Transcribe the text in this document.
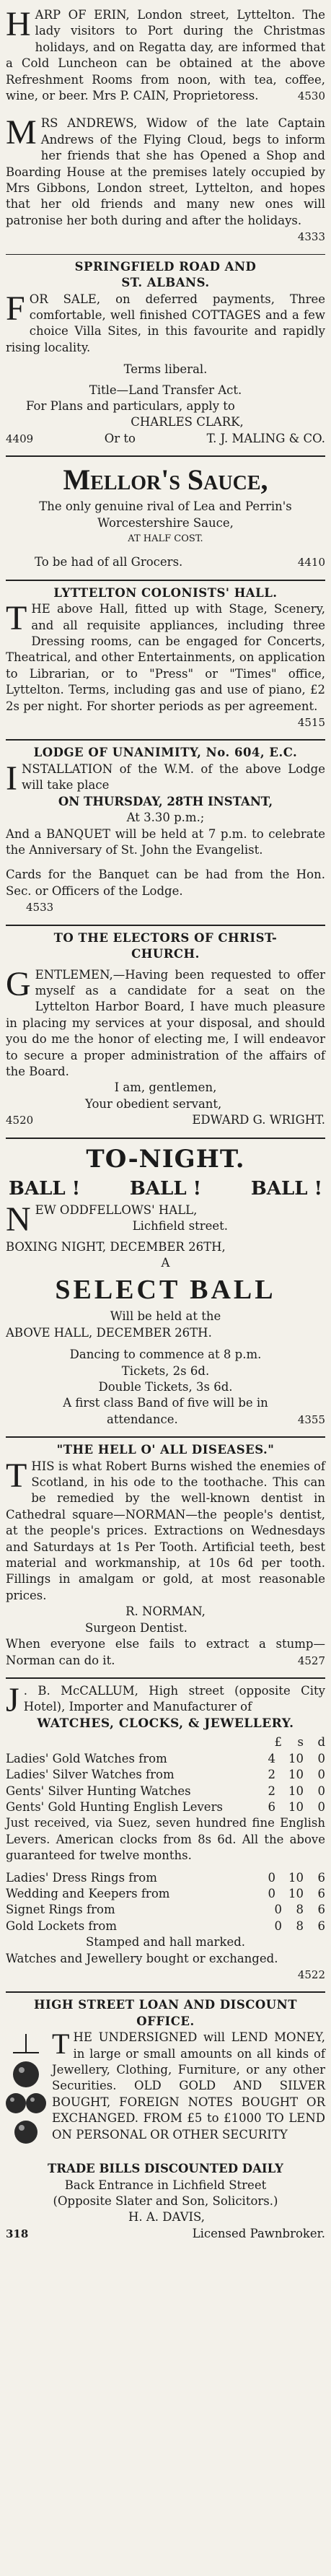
H ARP OF ERIN, London street, Lyttelton. The lady visitors to Port during the Christmas holidays, and on Regatta day, are informed that a Cold Luncheon can be obtained at the above Refreshment Rooms from noon, with tea, coffee, wine, or beer. Mrs P. CAIN, Proprietoress.	4530
M RS ANDREWS, Widow of the late Captain Andrews of the Flying Cloud, begs to inform her friends that she has Opened a Shop and Boarding House at the premises lately occupied by Mrs Gibbons, London street, Lyttelton, and hopes that her old friends and many new ones will patronise her both during and after the holidays.
4333
SPRINGFIELD ROAD AND
ST. ALBANS.
F OR SALE, on deferred payments, Three comfortable, well finished COTTAGES and a few choice Villa Sites, in this favourite and rapidly rising locality.
Terms liberal.
Title—Land Transfer Act.
For Plans and particulars, apply to
CHARLES CLARK,
4409	Or to	T. J. MALING & CO.
Mellor's Sauce,
The only genuine rival of Lea and Perrin's
Worcestershire Sauce,
AT HALF COST.
To be had of all Grocers.	4410
LYTTELTON COLONISTS' HALL.
T HE above Hall, fitted up with Stage, Scenery, and all requisite appliances, including three Dressing rooms, can be engaged for Concerts, Theatrical, and other Entertainments, on application to Librarian, or to "Press" or "Times" office, Lyttelton. Terms, including gas and use of piano, £2 2s per night. For shorter periods as per agreement.
4515
LODGE OF UNANIMITY, No. 604, E.C.
I NSTALLATION of the W.M. of the above Lodge will take place
ON THURSDAY, 28TH INSTANT,
At 3.30 p.m.;
And a BANQUET will be held at 7 p.m. to celebrate the Anniversary of St. John the Evangelist.
Cards for the Banquet can be had from the Hon. Sec. or Officers of the Lodge.
4533
TO THE ELECTORS OF CHRIST-
CHURCH.
G ENTLEMEN,—Having been requested to offer myself as a candidate for a seat on the Lyttelton Harbor Board, I have much pleasure in placing my services at your disposal, and should you do me the honor of electing me, I will endeavor to secure a proper administration of the affairs of the Board.
I am, gentlemen,
Your obedient servant,
4520	EDWARD G. WRIGHT.
TO-NIGHT.
BALL !	BALL !	BALL !
N EW ODDFELLOWS' HALL,
Lichfield street.
BOXING NIGHT, DECEMBER 26TH,
A
SELECT BALL
Will be held at the
ABOVE HALL, DECEMBER 26TH.
Dancing to commence at 8 p.m.
Tickets, 2s 6d.
Double Tickets, 3s 6d.
A first class Band of five will be in
attendance.	4355
"THE HELL O' ALL DISEASES."
T HIS is what Robert Burns wished the enemies of Scotland, in his ode to the toothache. This can be remedied by the well-known dentist in Cathedral square—NORMAN—the people's dentist, at the people's prices. Extractions on Wednesdays and Saturdays at 1s Per Tooth. Artificial teeth, best material and workmanship, at 10s 6d per tooth. Fillings in amalgam or gold, at most reasonable prices.
R. NORMAN,
Surgeon Dentist.
When everyone else fails to extract a stump—Norman can do it.	4527
J . B. McCALLUM, High street (opposite City Hotel), Importer and Manufacturer of
WATCHES, CLOCKS, & JEWELLERY.
£ s d
Ladies' Gold Watches from	4 10 0
Ladies' Silver Watches from	2 10 0
Gents' Silver Hunting Watches	2 10 0
Gents' Gold Hunting English Levers	6 10 0
Just received, via Suez, seven hundred fine English Levers. American clocks from 8s 6d. All the above guaranteed for twelve months.
Ladies' Dress Rings from	0 10 6
Wedding and Keepers from	0 10 6
Signet Rings from	0 8 6
Gold Lockets from	0 8 6
Stamped and hall marked.
Watches and Jewellery bought or exchanged.
4522
HIGH STREET LOAN AND DISCOUNT
OFFICE.
T HE UNDERSIGNED will LEND MONEY, in large or small amounts on all kinds of Jewellery, Clothing, Furniture, or any other Securities. OLD GOLD AND SILVER BOUGHT, FOREIGN NOTES BOUGHT OR EXCHANGED. FROM £5 to £1000 TO LEND ON PERSONAL OR OTHER SECURITY
TRADE BILLS DISCOUNTED DAILY
Back Entrance in Lichfield Street
(Opposite Slater and Son, Solicitors.)
H. A. DAVIS,
318	Licensed Pawnbroker.
